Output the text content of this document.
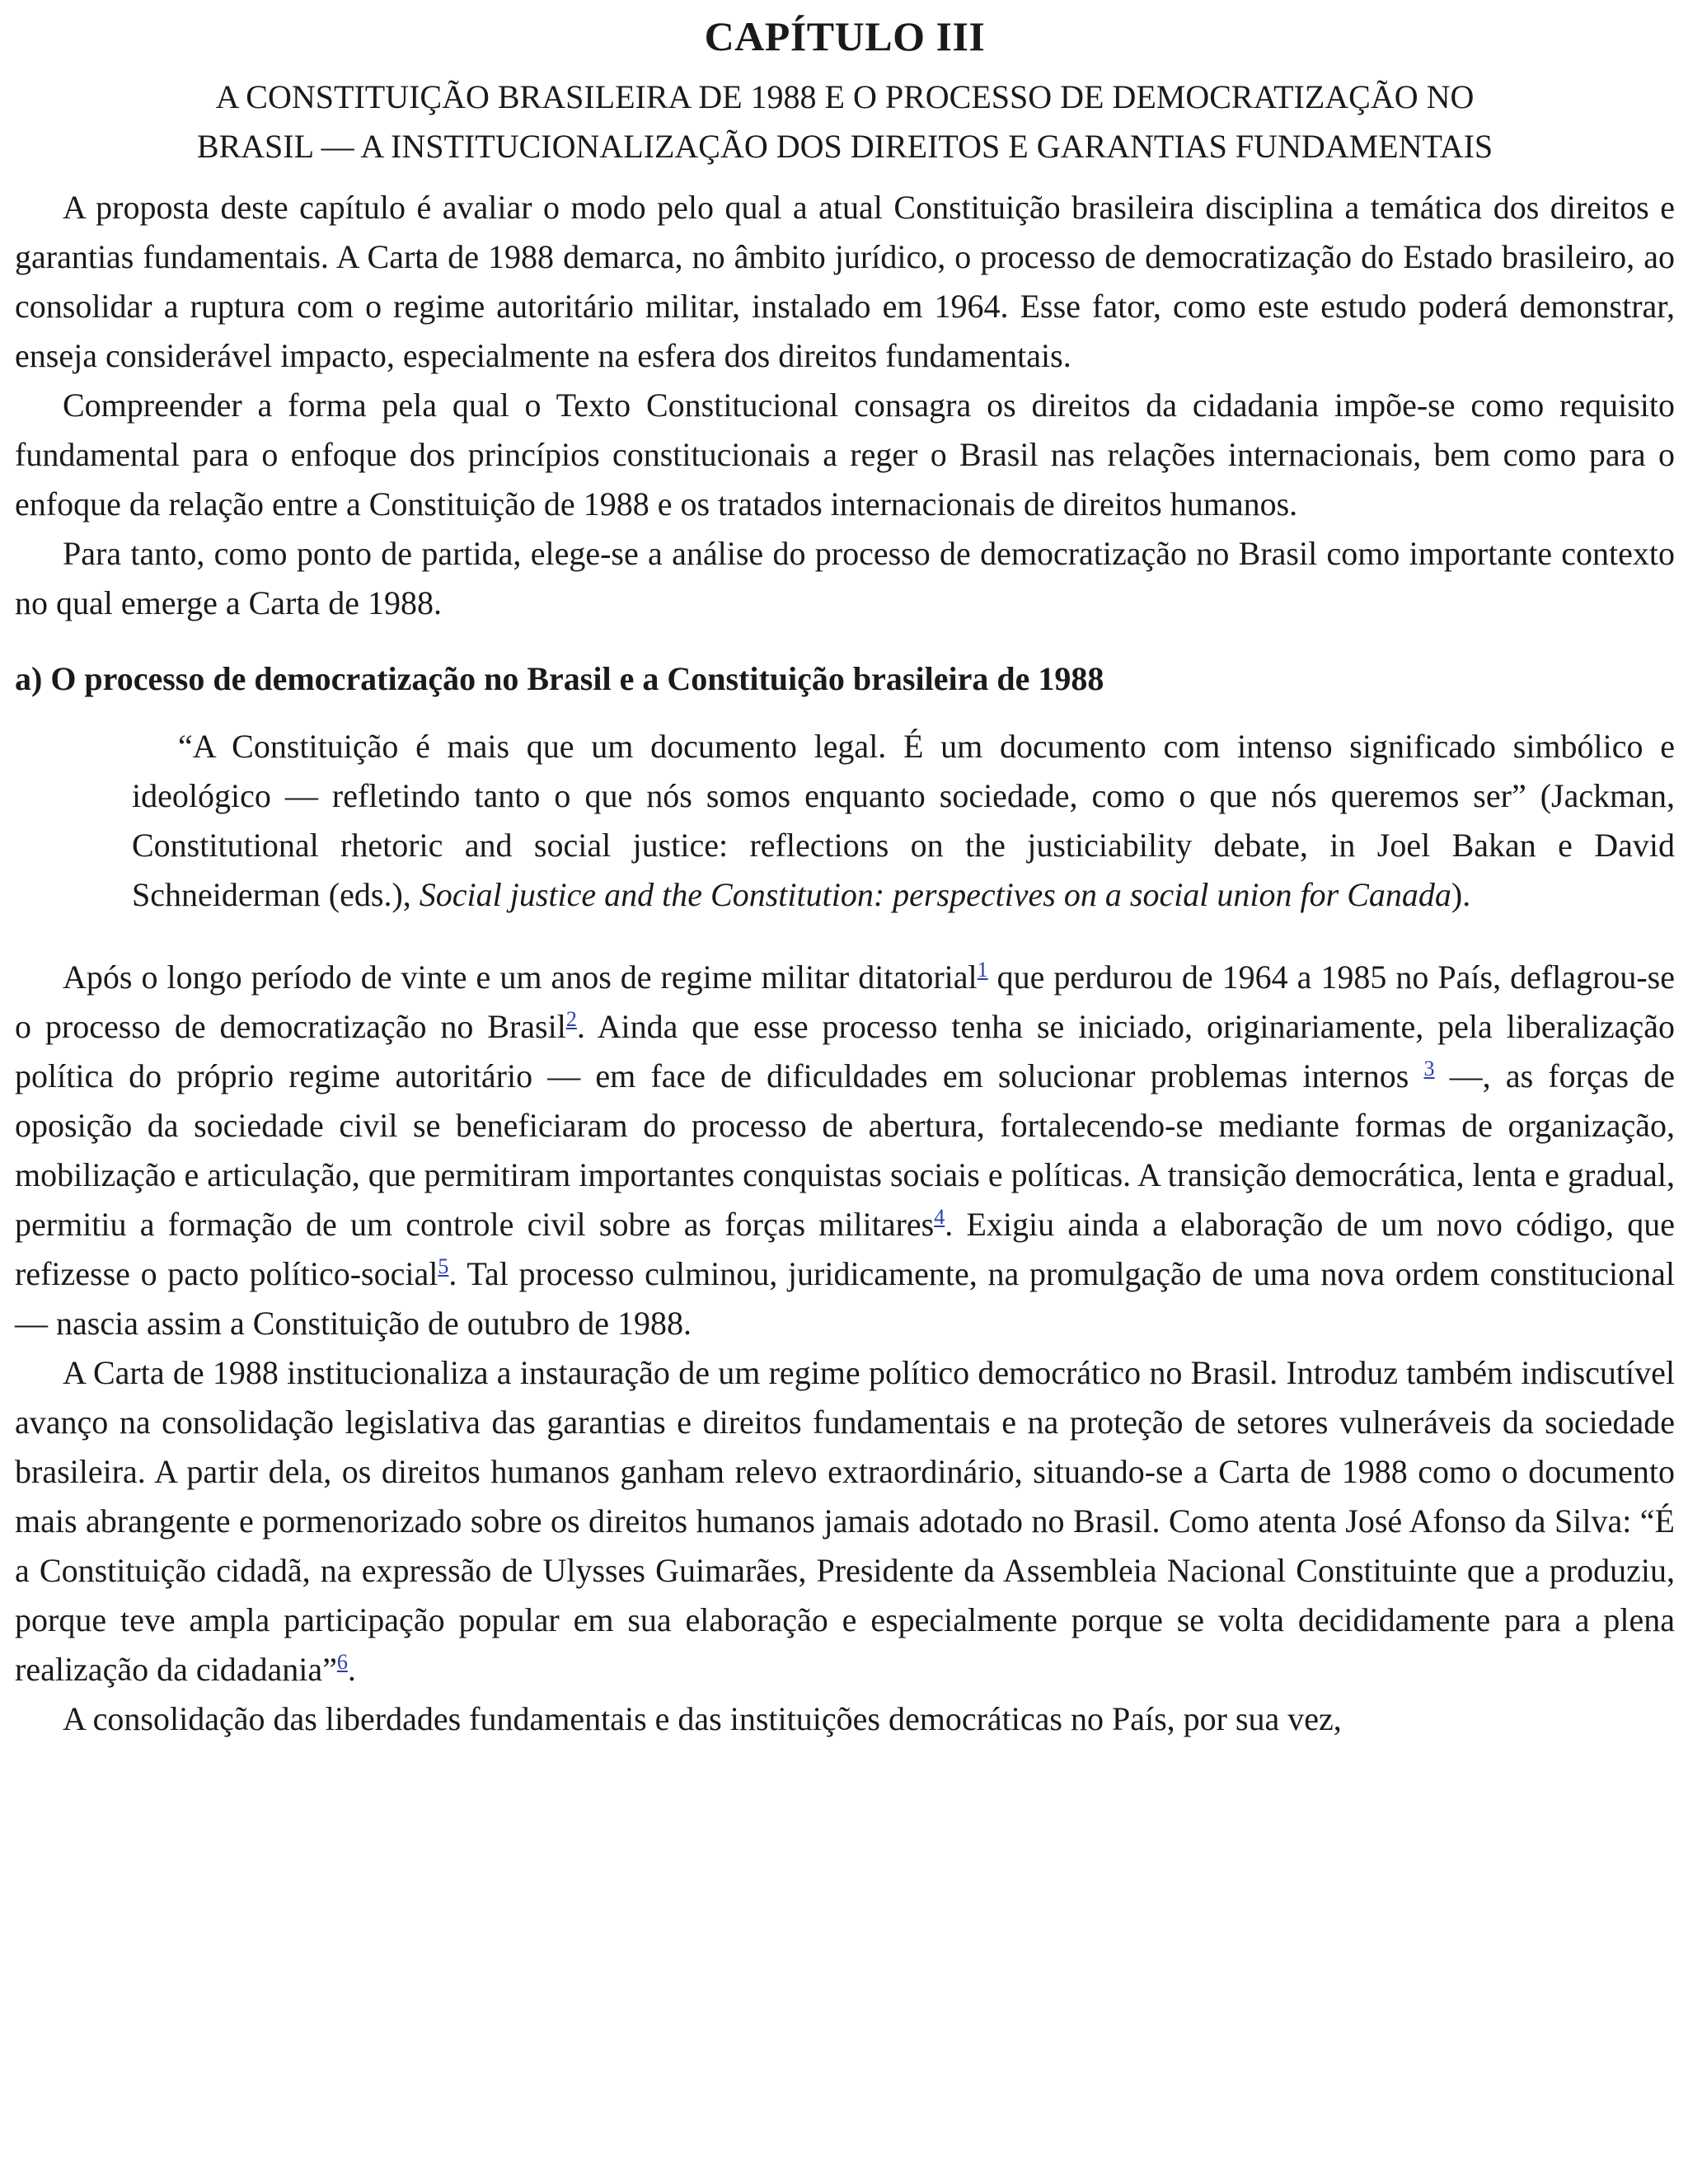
CAPÍTULO III
A CONSTITUIÇÃO BRASILEIRA DE 1988 E O PROCESSO DE DEMOCRATIZAÇÃO NO
BRASIL — A INSTITUCIONALIZAÇÃO DOS DIREITOS E GARANTIAS FUNDAMENTAIS

A proposta deste capítulo é avaliar o modo pelo qual a atual Constituição brasileira disciplina a temática dos direitos e garantias fundamentais. A Carta de 1988 demarca, no âmbito jurídico, o processo de democratização do Estado brasileiro, ao consolidar a ruptura com o regime autoritário militar, instalado em 1964. Esse fator, como este estudo poderá demonstrar, enseja considerável impacto, especialmente na esfera dos direitos fundamentais.

Compreender a forma pela qual o Texto Constitucional consagra os direitos da cidadania impõe-se como requisito fundamental para o enfoque dos princípios constitucionais a reger o Brasil nas relações internacionais, bem como para o enfoque da relação entre a Constituição de 1988 e os tratados internacionais de direitos humanos.

Para tanto, como ponto de partida, elege-se a análise do processo de democratização no Brasil como importante contexto no qual emerge a Carta de 1988.

a) O processo de democratização no Brasil e a Constituição brasileira de 1988
“A Constituição é mais que um documento legal. É um documento com intenso significado simbólico e ideológico — refletindo tanto o que nós somos enquanto sociedade, como o que nós queremos ser” (Jackman, Constitutional rhetoric and social justice: reflections on the justiciability debate, in Joel Bakan e David Schneiderman (eds.), Social justice and the Constitution: perspectives on a social union for Canada).

Após o longo período de vinte e um anos de regime militar ditatorial$^1$ que perdurou de 1964 a 1985 no País, deflagrou-se o processo de democratização no Brasil$^2$. Ainda que esse processo tenha se iniciado, originariamente, pela liberalização política do próprio regime autoritário — em face de dificuldades em solucionar problemas internos $^3$ —, as forças de oposição da sociedade civil se beneficiaram do processo de abertura, fortalecendo-se mediante formas de organização, mobilização e articulação, que permitiram importantes conquistas sociais e políticas. A transição democrática, lenta e gradual, permitiu a formação de um controle civil sobre as forças militares$^4$. Exigiu ainda a elaboração de um novo código, que refizesse o pacto político-social$^5$. Tal processo culminou, juridicamente, na promulgação de uma nova ordem constitucional — nascia assim a Constituição de outubro de 1988.

A Carta de 1988 institucionaliza a instauração de um regime político democrático no Brasil. Introduz também indiscutível avanço na consolidação legislativa das garantias e direitos fundamentais e na proteção de setores vulneráveis da sociedade brasileira. A partir dela, os direitos humanos ganham relevo extraordinário, situando-se a Carta de 1988 como o documento mais abrangente e pormenorizado sobre os direitos humanos jamais adotado no Brasil. Como atenta José Afonso da Silva: “É a Constituição cidadã, na expressão de Ulysses Guimarães, Presidente da Assembleia Nacional Constituinte que a produziu, porque teve ampla participação popular em sua elaboração e especialmente porque se volta decididamente para a plena realização da cidadania”$^6$.

A consolidação das liberdades fundamentais e das instituições democráticas no País, por sua vez,
